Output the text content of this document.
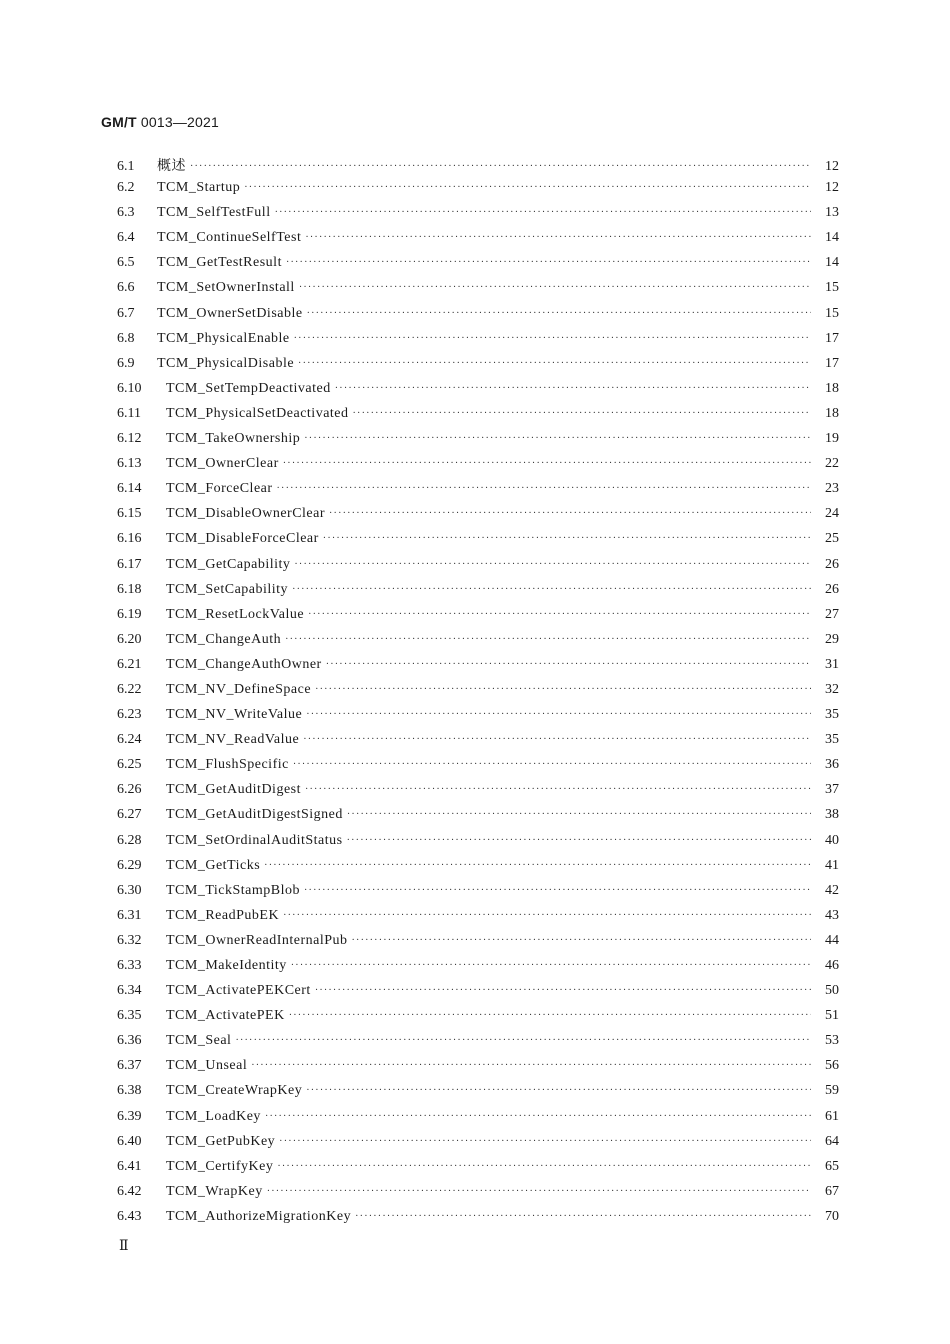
GM/T 0013—2021
6.1	概述 ·····	12
6.2	TCM_Startup ·····	12
6.3	TCM_SelfTestFull ·····	13
6.4	TCM_ContinueSelfTest ·····	14
6.5	TCM_GetTestResult ·····	14
6.6	TCM_SetOwnerInstall ·····	15
6.7	TCM_OwnerSetDisable ·····	15
6.8	TCM_PhysicalEnable ·····	17
6.9	TCM_PhysicalDisable ·····	17
6.10	TCM_SetTempDeactivated ·····	18
6.11	TCM_PhysicalSetDeactivated ·····	18
6.12	TCM_TakeOwnership ·····	19
6.13	TCM_OwnerClear ·····	22
6.14	TCM_ForceClear ·····	23
6.15	TCM_DisableOwnerClear ·····	24
6.16	TCM_DisableForceClear ·····	25
6.17	TCM_GetCapability ·····	26
6.18	TCM_SetCapability ·····	26
6.19	TCM_ResetLockValue ·····	27
6.20	TCM_ChangeAuth ·····	29
6.21	TCM_ChangeAuthOwner ·····	31
6.22	TCM_NV_DefineSpace ·····	32
6.23	TCM_NV_WriteValue ·····	35
6.24	TCM_NV_ReadValue ·····	35
6.25	TCM_FlushSpecific ·····	36
6.26	TCM_GetAuditDigest ·····	37
6.27	TCM_GetAuditDigestSigned ·····	38
6.28	TCM_SetOrdinalAuditStatus ·····	40
6.29	TCM_GetTicks ·····	41
6.30	TCM_TickStampBlob ·····	42
6.31	TCM_ReadPubEK ·····	43
6.32	TCM_OwnerReadInternalPub ·····	44
6.33	TCM_MakeIdentity ·····	46
6.34	TCM_ActivatePEKCert ·····	50
6.35	TCM_ActivatePEK ·····	51
6.36	TCM_Seal ·····	53
6.37	TCM_Unseal ·····	56
6.38	TCM_CreateWrapKey ·····	59
6.39	TCM_LoadKey ·····	61
6.40	TCM_GetPubKey ·····	64
6.41	TCM_CertifyKey ·····	65
6.42	TCM_WrapKey ·····	67
6.43	TCM_AuthorizeMigrationKey ·····	70
Ⅱ
